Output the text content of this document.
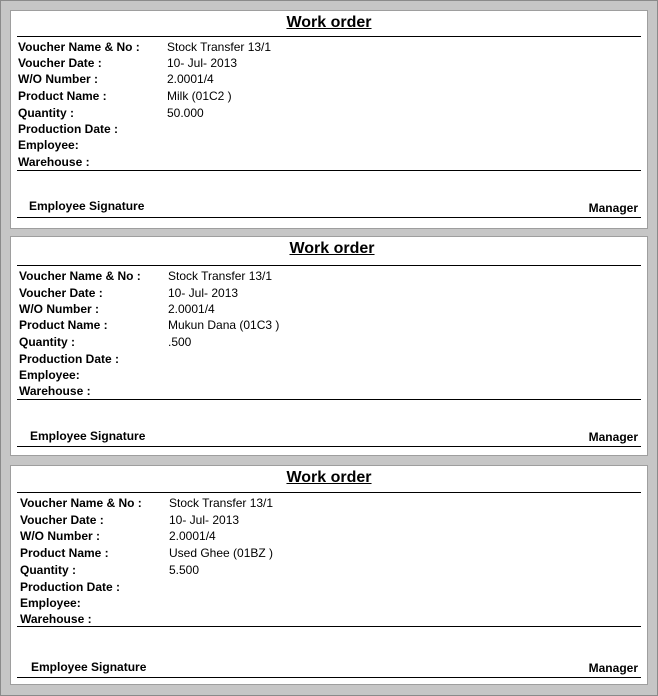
Work order
Voucher Name & No : Stock Transfer 13/1
Voucher Date :	10- Jul- 2013
W/O Number :	2.0001/4
Product Name :	Milk (01C2 )
Quantity :	50.000
Production Date :
Employee:
Warehouse :
Employee Signature	Manager
Work order
Voucher Name & No : Stock Transfer 13/1
Voucher Date :	10- Jul- 2013
W/O Number :	2.0001/4
Product Name :	Mukun Dana (01C3 )
Quantity :	.500
Production Date :
Employee:
Warehouse :
Employee Signature	Manager
Work order
Voucher Name & No : Stock Transfer 13/1
Voucher Date :	10- Jul- 2013
W/O Number :	2.0001/4
Product Name :	Used Ghee (01BZ )
Quantity :	5.500
Production Date :
Employee:
Warehouse :
Employee Signature	Manager
